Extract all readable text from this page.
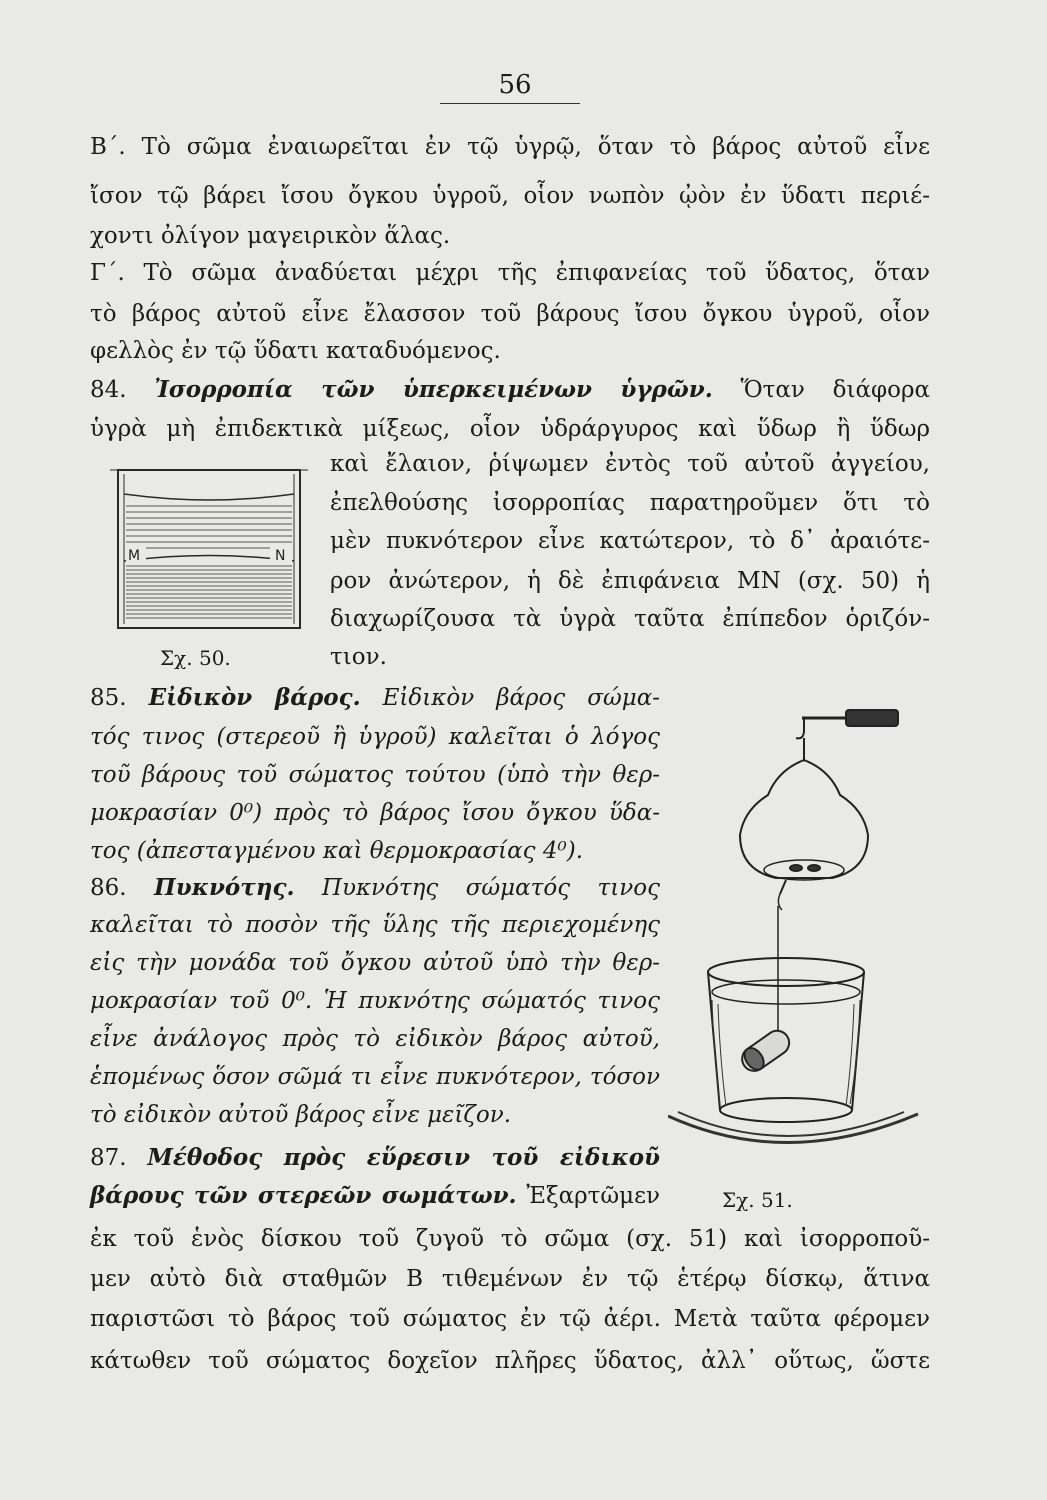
56
Β΄. Τὸ σῶμα ἐναιωρεῖται ἐν τῷ ὑγρῷ, ὅταν τὸ βάρος αὐτοῦ εἶνε
ἴσον τῷ βάρει ἴσου ὄγκου ὑγροῦ, οἷον νωπὸν ᾠὸν ἐν ὕδατι περιέ-
χοντι ὀλίγον μαγειρικὸν ἅλας.
Γ΄. Τὸ σῶμα ἀναδύεται μέχρι τῆς ἐπιφανείας τοῦ ὕδατος, ὅταν
τὸ βάρος αὐτοῦ εἶνε ἔλασσον τοῦ βάρους ἴσου ὄγκου ὑγροῦ, οἷον
φελλὸς ἐν τῷ ὕδατι καταδυόμενος.
84. Ἰσορροπία τῶν ὑπερκειμένων ὑγρῶν. Ὅταν διάφορα
ὑγρὰ μὴ ἐπιδεκτικὰ μίξεως, οἷον ὑδράργυρος καὶ ὕδωρ ἢ ὕδωρ
καὶ ἔλαιον, ῥίψωμεν ἐντὸς τοῦ αὐτοῦ ἀγγείου,
ἐπελθούσης ἰσορροπίας παρατηροῦμεν ὅτι τὸ
μὲν πυκνότερον εἶνε κατώτερον, τὸ δ᾽ ἀραιότε-
ρον ἀνώτερον, ἡ δὲ ἐπιφάνεια ΜΝ (σχ. 50) ἡ
διαχωρίζουσα τὰ ὑγρὰ ταῦτα ἐπίπεδον ὁριζόν-
τιον.
M	N
Σχ. 50.
85. Εἰδικὸν βάρος. Εἰδικὸν βάρος σώμα-
τός τινος (στερεοῦ ἢ ὑγροῦ) καλεῖται ὁ λόγος
τοῦ βάρους τοῦ σώματος τούτου (ὑπὸ τὴν θερ-
μοκρασίαν 0⁰) πρὸς τὸ βάρος ἴσου ὄγκου ὕδα-
τος (ἀπεσταγμένου καὶ θερμοκρασίας 4⁰).
86. Πυκνότης. Πυκνότης σώματός τινος
καλεῖται τὸ ποσὸν τῆς ὕλης τῆς περιεχομένης
εἰς τὴν μονάδα τοῦ ὄγκου αὐτοῦ ὑπὸ τὴν θερ-
μοκρασίαν τοῦ 0⁰. Ἡ πυκνότης σώματός τινος
εἶνε ἀνάλογος πρὸς τὸ εἰδικὸν βάρος αὐτοῦ,
ἑπομένως ὅσον σῶμά τι εἶνε πυκνότερον, τόσον
τὸ εἰδικὸν αὐτοῦ βάρος εἶνε μεῖζον.
87. Μέθοδος πρὸς εὕρεσιν τοῦ εἰδικοῦ
βάρους τῶν στερεῶν σωμάτων. Ἐξαρτῶμεν
ἐκ τοῦ ἑνὸς δίσκου τοῦ ζυγοῦ τὸ σῶμα (σχ. 51) καὶ ἰσορροποῦ-
μεν αὐτὸ διὰ σταθμῶν Β τιθεμένων ἐν τῷ ἑτέρῳ δίσκῳ, ἅτινα
παριστῶσι τὸ βάρος τοῦ σώματος ἐν τῷ ἀέρι. Μετὰ ταῦτα φέρομεν
κάτωθεν τοῦ σώματος δοχεῖον πλῆρες ὕδατος, ἀλλ᾽ οὕτως, ὥστε
Σχ. 51.
